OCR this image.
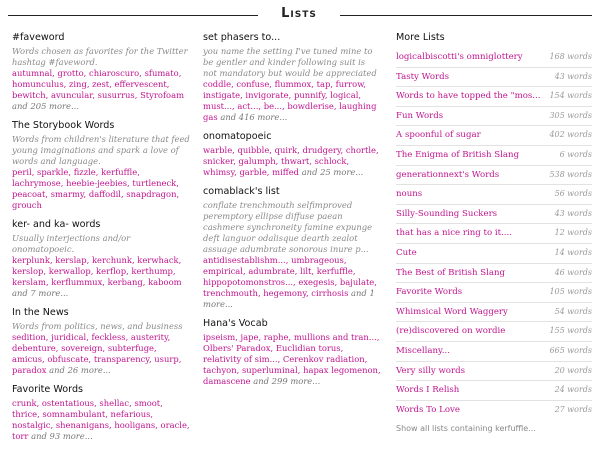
Lists
#faveword
Words chosen as favorites for the Twitter hashtag #faveword.
autumnal, grotto, chiaroscuro, sfumato, homunculus, zing, zest, effervescent, bewitch, avuncular, susurrus, Styrofoam and 205 more...
The Storybook Words
Words from children's literature that feed young imaginations and spark a love of words and language.
peril, sparkle, fizzle, kerfuffle, lachrymose, heebie-jeebies, turtleneck, peacoat, smarmy, daffodil, snapdragon, grouch
ker- and ka- words
Usually interjections and/or onomatopoeic.
kerplunk, kerslap, kerchunk, kerwhack, kerslop, kerwallop, kerflop, kerthump, kerslam, kerflummux, kerbang, kaboom and 7 more...
In the News
Words from politics, news, and business
sedition, juridical, feckless, austerity, debenture, sovereign, subterfuge, amicus, obfuscate, transparency, usurp, paradox and 26 more...
Favorite Words
crunk, ostentatious, shellac, smoot, thrice, somnambulant, nefarious, nostalgic, shenanigans, hooligans, oracle, torr and 93 more...
set phasers to...
you name the setting I've tuned mine to be gentler and kinder following suit is not mandatory but would be appreciated
coddle, confuse, flummox, tap, furrow, instigate, invigorate, punnify, logical, must..., act..., be..., bowdlerise, laughing gas and 416 more...
onomatopoeic
warble, quibble, quirk, drudgery, chortle, snicker, galumph, thwart, schlock, whimsy, garble, miffed and 25 more...
comablack's list
conflate trenchmouth selfimproved peremptory ellipse diffuse paean cashmere synchroneity famine expunge deft languor odalisque dearth zealot assuage adumbrate sonorous inure p...
antidisestablishm..., umbrageous, empirical, adumbrate, lilt, kerfuffle, hippopotomonstros..., exegesis, bajulate, trenchmouth, hegemony, cirrhosis and 1 more...
Hana's Vocab
ipseism, jape, raphe, mullions and tran..., Olbers' Paradox, Euclidian torus, relativity of sim..., Cerenkov radiation, tachyon, superluminal, hapax legomenon, damascene and 299 more...
More Lists
logicalbiscotti's omniglottery	168 words
Tasty Words	43 words
Words to have topped the "mos... 154 words
Fun Words	305 words
A spoonful of sugar	402 words
The Enigma of British Slang	6 words
generationnext's Words	538 words
nouns	56 words
Silly-Sounding Suckers	43 words
that has a nice ring to it....	12 words
Cute	14 words
The Best of British Slang	46 words
Favorite Words	105 words
Whimsical Word Waggery	54 words
(re)discovered on wordie	155 words
Miscellany...	665 words
Very silly words	20 words
Words I Relish	24 words
Words To Love	27 words
Show all lists containing kerfuffle...
